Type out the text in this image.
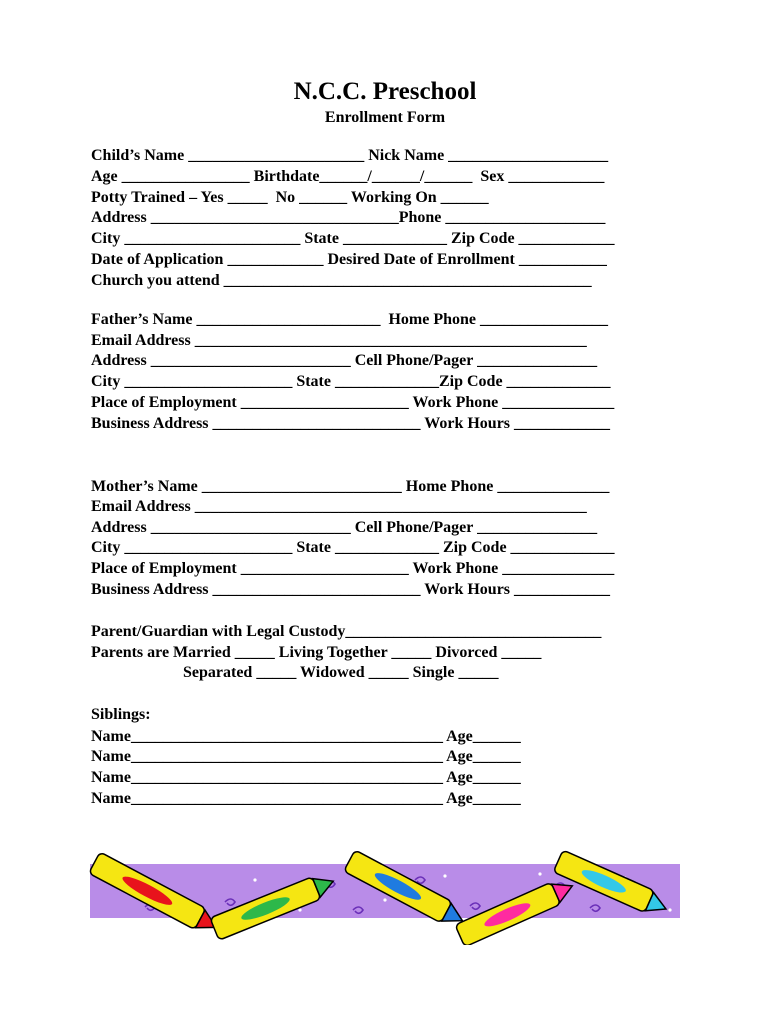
N.C.C. Preschool
Enrollment Form
Child’s Name ______________________ Nick Name ____________________
Age ________________ Birthdate______/______/______  Sex ____________
Potty Trained – Yes _____  No ______ Working On ______
Address _______________________________Phone ____________________
City ______________________ State _____________ Zip Code ____________
Date of Application ____________ Desired Date of Enrollment ___________
Church you attend ______________________________________________
Father’s Name _______________________  Home Phone ________________
Email Address _________________________________________________
Address _________________________ Cell Phone/Pager _______________
City _____________________ State _____________Zip Code _____________
Place of Employment _____________________ Work Phone ______________
Business Address __________________________ Work Hours ____________
Mother’s Name _________________________ Home Phone ______________
Email Address _________________________________________________
Address _________________________ Cell Phone/Pager _______________
City _____________________ State _____________ Zip Code _____________
Place of Employment _____________________ Work Phone ______________
Business Address __________________________ Work Hours ____________
Parent/Guardian with Legal Custody________________________________
Parents are Married _____ Living Together _____ Divorced _____
Separated _____ Widowed _____ Single _____
Siblings:
Name_______________________________________ Age______
Name_______________________________________ Age______
Name_______________________________________ Age______
Name_______________________________________ Age______
